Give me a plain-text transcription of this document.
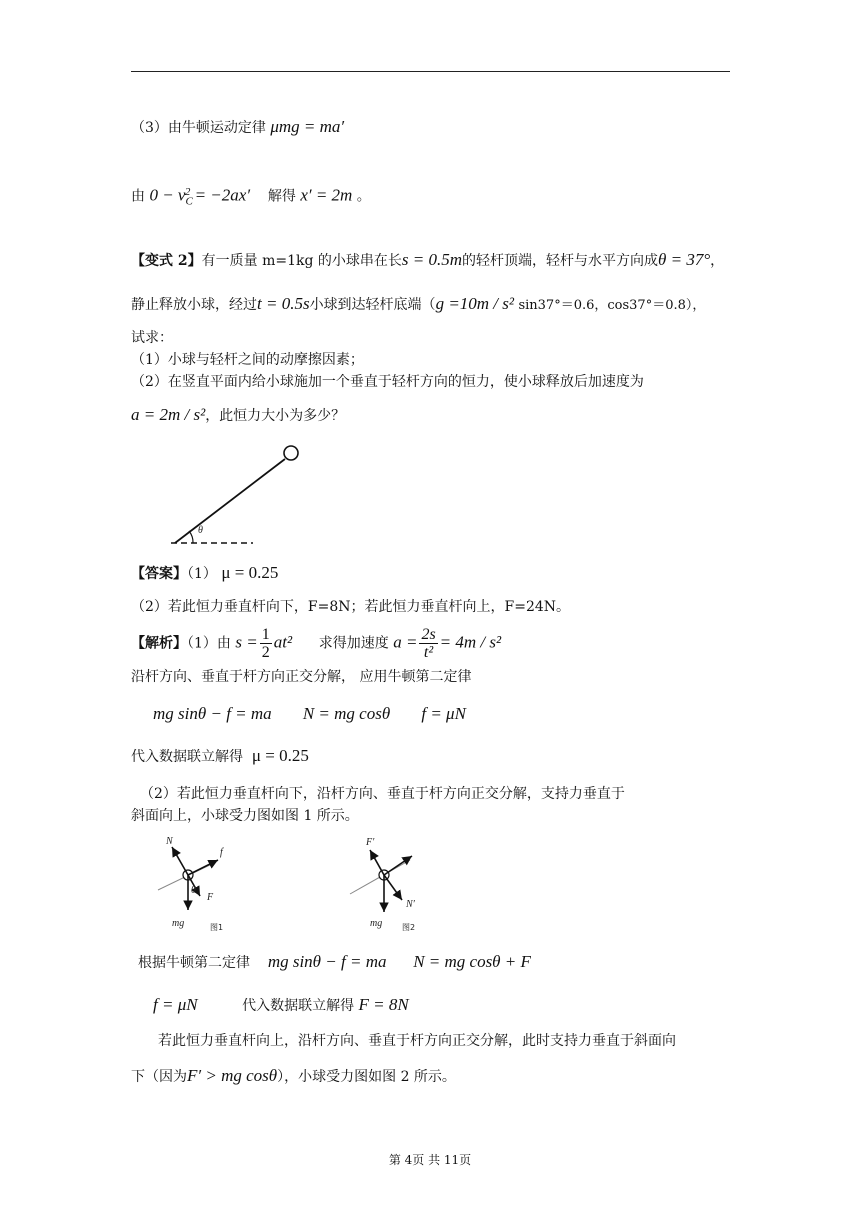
（3）由牛顿运动定律 μmg = ma′
由 $0 - v_C^2 = -2ax'$ 解得 x′ = 2m 。
【变式 2】有一质量 m=1kg 的小球串在长s = 0.5m的轻杆顶端，轻杆与水平方向成θ = 37°，
静止释放小球，经过t = 0.5s小球到达轻杆底端（g =10m / s² sin37°＝0.6，cos37°＝0.8），
试求：
（1）小球与轻杆之间的动摩擦因素；
（2）在竖直平面内给小球施加一个垂直于轻杆方向的恒力，使小球释放后加速度为
a = 2m / s²，此恒力大小为多少？
θ
【答案】（1） μ = 0.25
（2）若此恒力垂直杆向下，F=8N；若此恒力垂直杆向上，F=24N。
【解析】（1）由 $s = \frac{1}{2} at^2$ 求得加速度 $a = \frac{2s}{\text{t²}} = 4m / s^2$
沿杆方向、垂直于杆方向正交分解， 应用牛顿第二定律
mg sinθ − f = ma N = mg cosθ f = μN
代入数据联立解得 μ = 0.25
（2）若此恒力垂直杆向下，沿杆方向、垂直于杆方向正交分解，支持力垂直于
斜面向上，小球受力图如图 1 所示。
N
f
F
θ
mg	图1
F′
N′
mg 图2
根据牛顿第二定律 mg sinθ − f = ma N = mg cosθ + F
f = μN	代入数据联立解得 F = 8N
若此恒力垂直杆向上，沿杆方向、垂直于杆方向正交分解，此时支持力垂直于斜面向
下（因为F′ > mg cosθ），小球受力图如图 2 所示。
第 4页 共 11页
